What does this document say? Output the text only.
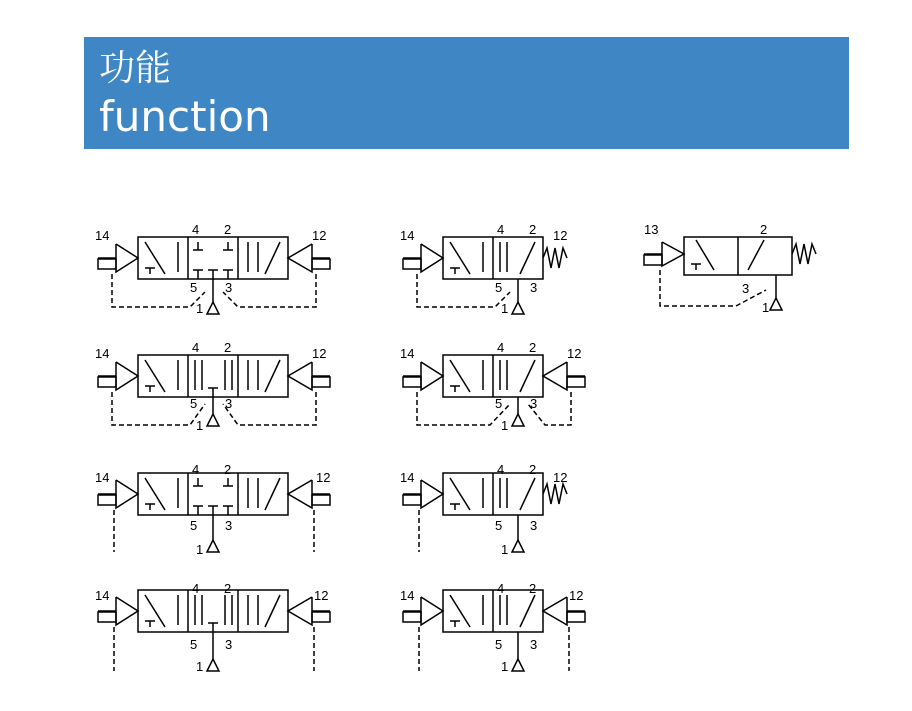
功能
function
14	12
4 2
5 3
1
14	12
4 2
5 3
1
13	2
3
1
14	12
4 2
5 3
1
14	12
4 2
5 3
1
14	12
4 2
5 3
1
14	12
4 2
5 3
1
14	12
4 2
5 3
1
14	12
4 2
5 3
1
